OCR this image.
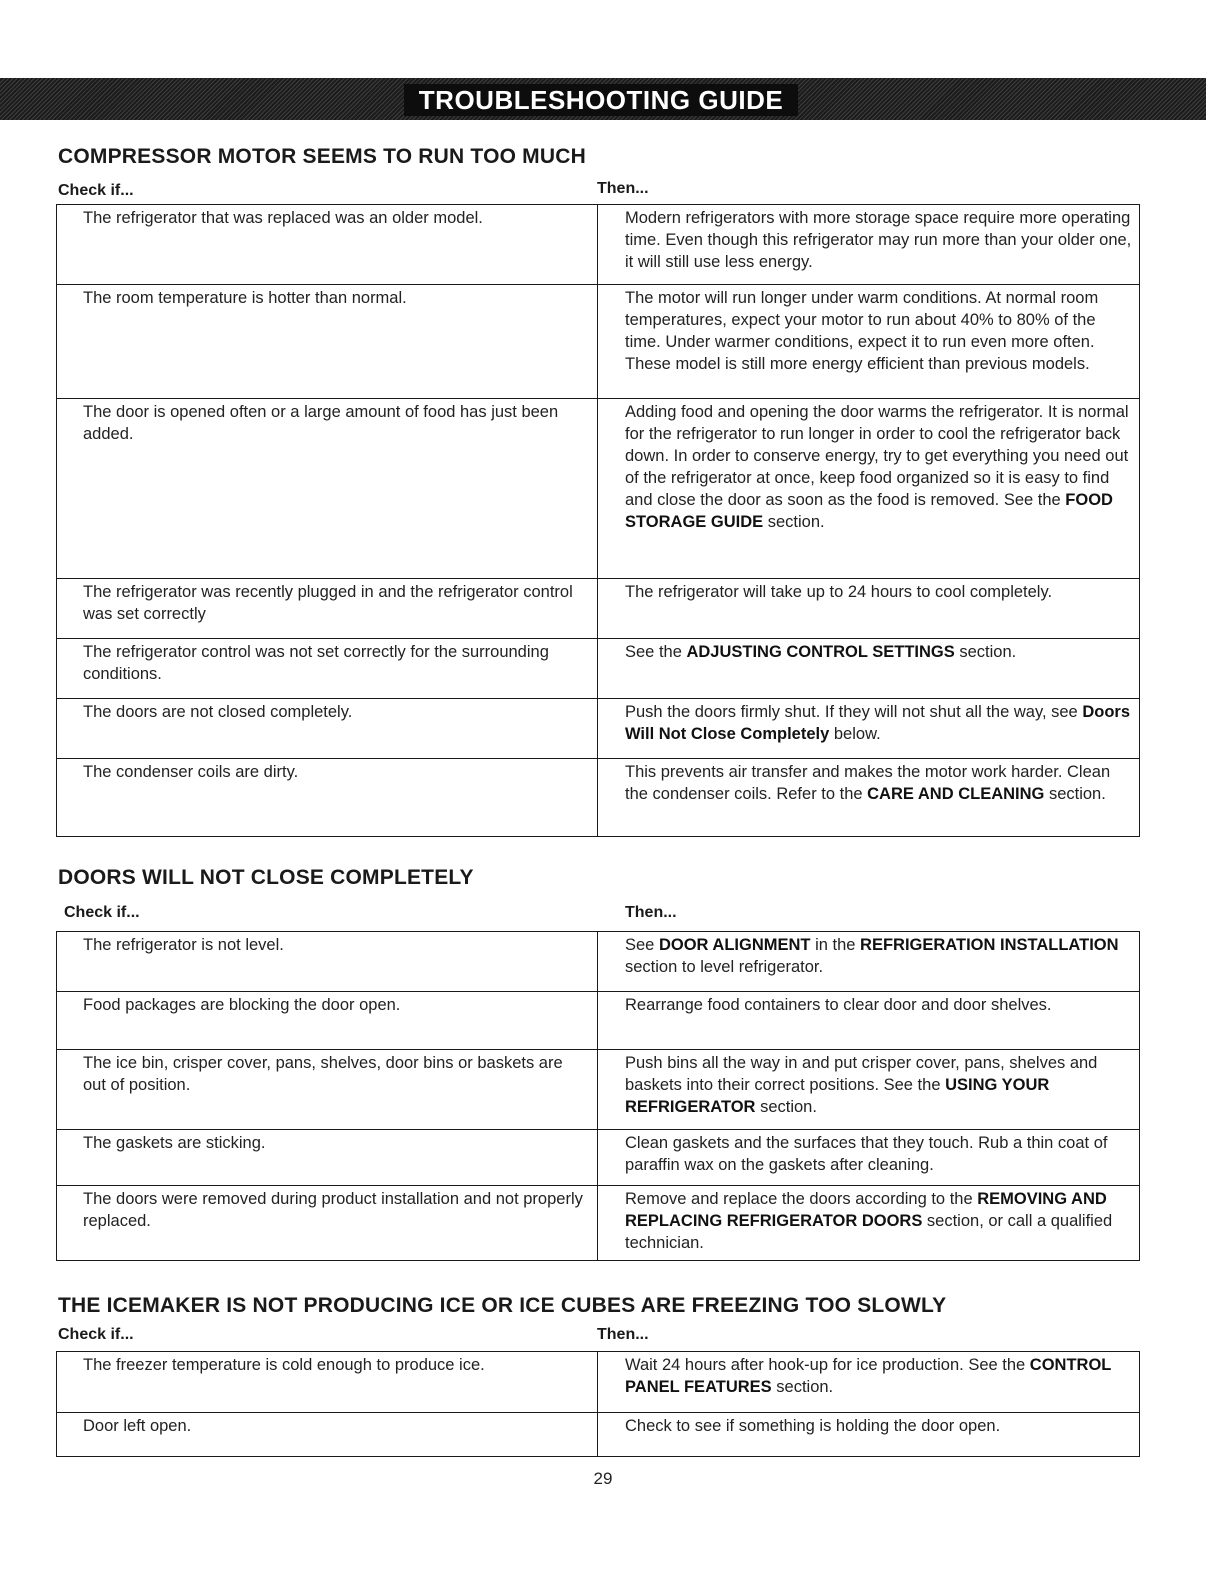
TROUBLESHOOTING GUIDE
COMPRESSOR MOTOR SEEMS TO RUN TOO MUCH
Check if...	Then...
The refrigerator that was replaced was an older model.	Modern refrigerators with more storage space require more operating time. Even though this refrigerator may run more than your older one, it will still use less energy.
The room temperature is hotter than normal.	The motor will run longer under warm conditions. At normal room temperatures, expect your motor to run about 40% to 80% of the time. Under warmer conditions, expect it to run even more often. These model is still more energy efficient than previous models.
The door is opened often or a large amount of food has just been added.	Adding food and opening the door warms the refrigerator. It is normal for the refrigerator to run longer in order to cool the refrigerator back down. In order to conserve energy, try to get everything you need out of the refrigerator at once, keep food organized so it is easy to find and close the door as soon as the food is removed. See the FOOD STORAGE GUIDE section.
The refrigerator was recently plugged in and the refrigerator control was set correctly	The refrigerator will take up to 24 hours to cool completely.
The refrigerator control was not set correctly for the surrounding conditions.	See the ADJUSTING CONTROL SETTINGS section.
The doors are not closed completely.	Push the doors firmly shut. If they will not shut all the way, see Doors Will Not Close Completely below.
The condenser coils are dirty.	This prevents air transfer and makes the motor work harder. Clean the condenser coils. Refer to the CARE AND CLEANING section.
DOORS WILL NOT CLOSE COMPLETELY
Check if...	Then...
The refrigerator is not level.	See DOOR ALIGNMENT in the REFRIGERATION INSTALLATION section to level refrigerator.
Food packages are blocking the door open.	Rearrange food containers to clear door and door shelves.
The ice bin, crisper cover, pans, shelves, door bins or baskets are out of position.	Push bins all the way in and put crisper cover, pans, shelves and baskets into their correct positions. See the USING YOUR REFRIGERATOR section.
The gaskets are sticking.	Clean gaskets and the surfaces that they touch. Rub a thin coat of paraffin wax on the gaskets after cleaning.
The doors were removed during product installation and not properly replaced.	Remove and replace the doors according to the REMOVING AND REPLACING REFRIGERATOR DOORS section, or call a qualified technician.
THE ICEMAKER IS NOT PRODUCING ICE OR ICE CUBES ARE FREEZING TOO SLOWLY
Check if...	Then...
The freezer temperature is cold enough to produce ice.	Wait 24 hours after hook-up for ice production. See the CONTROL PANEL FEATURES section.
Door left open.	Check to see if something is holding the door open.
29
